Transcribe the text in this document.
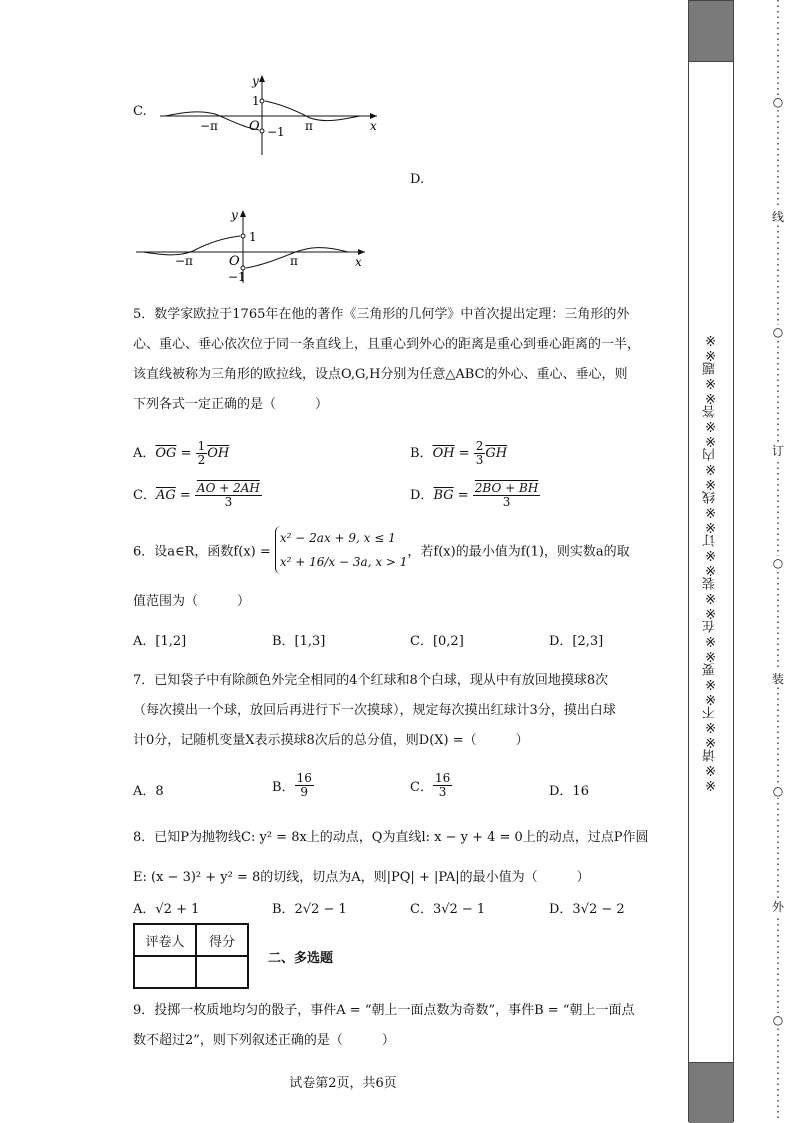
C.
y
1
−π O −1 π	x
D.
y
1
−π	O
−1
π	x

5．数学家欧拉于1765年在他的著作《三角形的几何学》中首次提出定理：三角形的外

心、重心、垂心依次位于同一条直线上，且重心到外心的距离是重心到垂心距离的一半，

该直线被称为三角形的欧拉线，设点O,G,H分别为任意△ABC的外心、重心、垂心，则

下列各式一定正确的是（　　　）

A．$\overline{OG} = \frac{1}{2} \overline{OH}$	B．$\overline{OH} = \frac{2}{3} \overline{GH}$
C．$\overline{AG} = \frac{AO + 2AH}{3}$	D．$\overline{BG} = \frac{2BO + BH}{3}$
6．设a∈R，函数f(x) =
x² − 2ax + 9, x ≤ 1
x² + 16/x − 3a, x > 1
，若f(x)的最小值为f(1)，则实数a的取
值范围为（　　　）
A．[1,2]	B．[1,3]	C．[0,2]	D．[2,3]

7．已知袋子中有除颜色外完全相同的4个红球和8个白球，现从中有放回地摸球8次

（每次摸出一个球，放回后再进行下一次摸球），规定每次摸出红球计3分，摸出白球

计0分，记随机变量X表示摸球8次后的总分值，则D(X) =（　　　）

A．8	B． $\frac{16}{9}$	C． $\frac{16}{3}$	D．16

8．已知P为抛物线C: y² = 8x上的动点，Q为直线l: x − y + 4 = 0上的动点，过点P作圆

E: (x − 3)² + y² = 8的切线，切点为A，则|PQ| + |PA|的最小值为（　　　）

A．√2 + 1	B．2√2 − 1	C．3√2 − 1	D．3√2 − 2
评卷人	得分

二、多选题

9．投掷一枚质地均匀的骰子，事件A = “朝上一面点数为奇数”，事件B = “朝上一面点

数不超过2”，则下列叙述正确的是（　　　）

试卷第2页，共6页
※※请※※不※※要※※在※※装※※订※※线※※内※※答※※题※※
○
线
○
订
○
装
○
外
○
